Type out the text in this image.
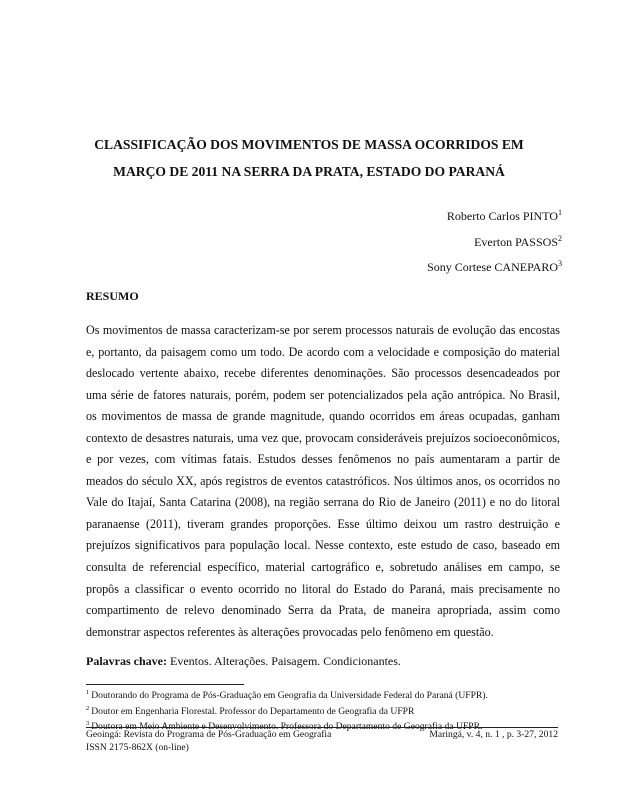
CLASSIFICAÇÃO DOS MOVIMENTOS DE MASSA OCORRIDOS EM
MARÇO DE 2011 NA SERRA DA PRATA, ESTADO DO PARANÁ
Roberto Carlos PINTO$^1$
Everton PASSOS$^2$
Sony Cortese CANEPARO$^3$
RESUMO
Os movimentos de massa caracterizam-se por serem processos naturais de evolução das encostas
e, portanto, da paisagem como um todo. De acordo com a velocidade e composição do material
deslocado vertente abaixo, recebe diferentes denominações. São processos desencadeados por
uma série de fatores naturais, porém, podem ser potencializados pela ação antrópica. No Brasil,
os movimentos de massa de grande magnitude, quando ocorridos em áreas ocupadas, ganham
contexto de desastres naturais, uma vez que, provocam consideráveis prejuízos socioeconômicos,
e por vezes, com vítimas fatais. Estudos desses fenômenos no país aumentaram a partir de
meados do século XX, após registros de eventos catastróficos. Nos últimos anos, os ocorridos no
Vale do Itajaí, Santa Catarina (2008), na região serrana do Rio de Janeiro (2011) e no do litoral
paranaense (2011), tiveram grandes proporções. Esse último deixou um rastro destruição e
prejuízos significativos para população local. Nesse contexto, este estudo de caso, baseado em
consulta de referencial específico, material cartográfico e, sobretudo análises em campo, se
propôs a classificar o evento ocorrido no litoral do Estado do Paraná, mais precisamente no
compartimento de relevo denominado Serra da Prata, de maneira apropriada, assim como
demonstrar aspectos referentes às alterações provocadas pelo fenômeno em questão.
Palavras chave: Eventos. Alterações. Paisagem. Condicionantes.
$^1$ Doutorando do Programa de Pós-Graduação em Geografia da Universidade Federal do Paraná (UFPR).
$^2$ Doutor em Engenharia Florestal. Professor do Departamento de Geografia da UFPR
$^3$ Doutora em Meio Ambiente e Desenvolvimento. Professora do Departamento de Geografia da UFPR.
Geoingá: Revista do Programa de Pós-Graduação em Geografia
ISSN 2175-862X (on-line)
Maringá, v. 4, n. 1 , p. 3-27, 2012
